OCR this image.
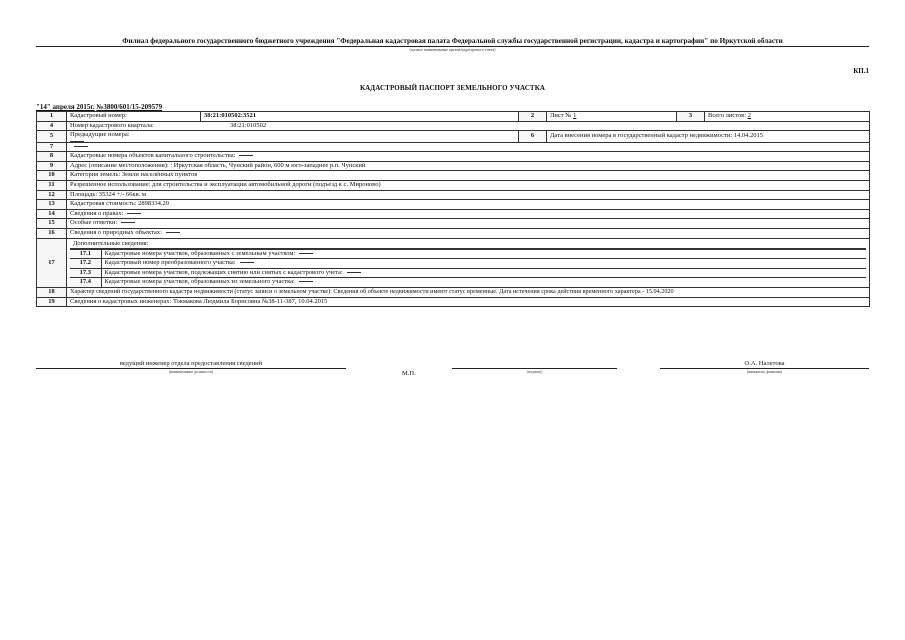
Филиал федерального государственного бюджетного учреждения "Федеральная кадастровая палата Федеральной службы государственной регистрации, кадастра и картографии" по Иркутской области
(полное наименование органа кадастрового учета)
КП.1
КАДАСТРОВЫЙ ПАСПОРТ ЗЕМЕЛЬНОГО УЧАСТКА
"14" апреля 2015г. №3800/601/15-209579
1	Кадастровый номер:	38:21:010502:3521	2	Лист № 1	3	Всего листов: 2
4	Номер кадастрового квартала:	38:21:010502
5	Предыдущие номера:	6	Дата внесения номера в государственный кадастр недвижимости: 14.04.2015
7	
8	Кадастровые номера объектов капитального строительства:
9	Адрес (описание местоположения): : Иркутская область, Чунский район, 600 м юго-западнее р.п. Чунский
10	Категория земель: Земли населённых пунктов
11	Разрешенное использование: для строительства и эксплуатации автомобильной дороги (подъезд к с. Мироново)
12	Площадь: 35324 +/- 66кв. м
13	Кадастровая стоимость: 2898334.20
14	Сведения о правах:
15	Особые отметки:
16	Сведения о природных объектах:
17	
Дополнительные сведения:
17.1	Кадастровые номера участков, образованных с земельным участком:
17.2	Кадастровый номер преобразованного участка:
17.3	Кадастровые номера участков, подлежащих снятию или снятых с кадастрового учета:
17.4	Кадастровые номера участков, образованных из земельного участка:

18	Характер сведений государственного кадастра недвижимости (статус записи о земельном участке): Сведения об объекте недвижимости имеют статус временные. Дата истечения срока действия временного характера - 15.04.2020
19	Сведения о кадастровых инженерах: Токмакова Людмила Борисовна №38-11-387, 10.04.2015
ведущий инженер отдела предоставления сведений
(наименование должности)	М.П.	(подпись)
О.А. Налетова
(инициалы, фамилия)
